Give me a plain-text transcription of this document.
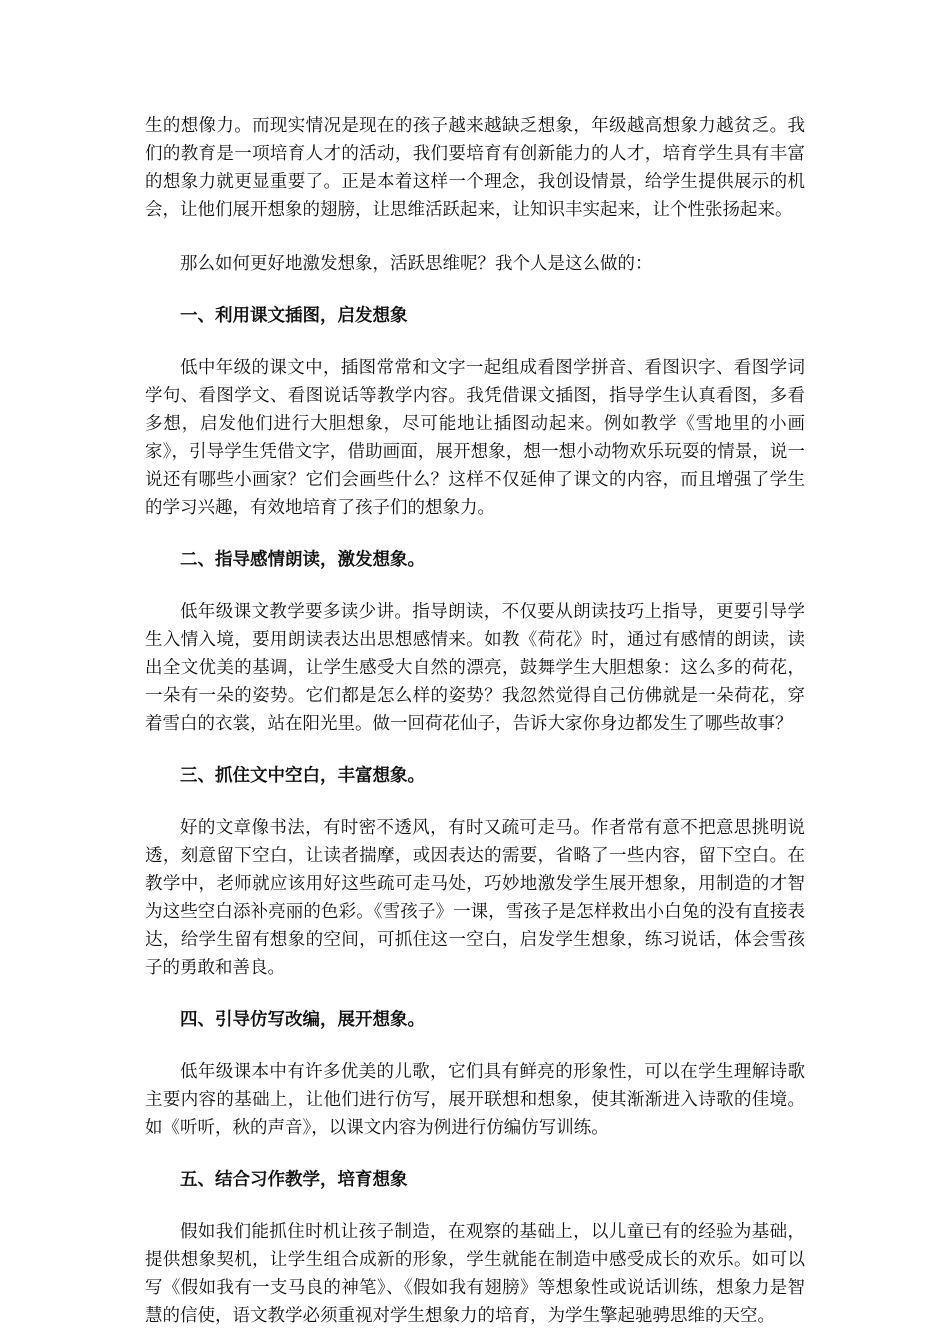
生的想像力。而现实情况是现在的孩子越来越缺乏想象，年级越高想象力越贫乏。我们的教育是一项培育人才的活动，我们要培育有创新能力的人才，培育学生具有丰富的想象力就更显重要了。正是本着这样一个理念，我创设情景，给学生提供展示的机会，让他们展开想象的翅膀，让思维活跃起来，让知识丰实起来，让个性张扬起来。

那么如何更好地激发想象，活跃思维呢？我个人是这么做的：

一、利用课文插图，启发想象

低中年级的课文中，插图常常和文字一起组成看图学拼音、看图识字、看图学词学句、看图学文、看图说话等教学内容。我凭借课文插图，指导学生认真看图，多看多想，启发他们进行大胆想象，尽可能地让插图动起来。例如教学《雪地里的小画家》，引导学生凭借文字，借助画面，展开想象，想一想小动物欢乐玩耍的情景，说一说还有哪些小画家？它们会画些什么？这样不仅延伸了课文的内容，而且增强了学生的学习兴趣，有效地培育了孩子们的想象力。

二、指导感情朗读，激发想象。

低年级课文教学要多读少讲。指导朗读，不仅要从朗读技巧上指导，更要引导学生入情入境，要用朗读表达出思想感情来。如教《荷花》时，通过有感情的朗读，读出全文优美的基调，让学生感受大自然的漂亮，鼓舞学生大胆想象：这么多的荷花，一朵有一朵的姿势。它们都是怎么样的姿势？我忽然觉得自己仿佛就是一朵荷花，穿着雪白的衣裳，站在阳光里。做一回荷花仙子，告诉大家你身边都发生了哪些故事？

三、抓住文中空白，丰富想象。

好的文章像书法，有时密不透风，有时又疏可走马。作者常有意不把意思挑明说透，刻意留下空白，让读者揣摩，或因表达的需要，省略了一些内容，留下空白。在教学中，老师就应该用好这些疏可走马处，巧妙地激发学生展开想象，用制造的才智为这些空白添补亮丽的色彩。《雪孩子》一课，雪孩子是怎样救出小白兔的没有直接表达，给学生留有想象的空间，可抓住这一空白，启发学生想象，练习说话，体会雪孩子的勇敢和善良。

四、引导仿写改编，展开想象。

低年级课本中有许多优美的儿歌，它们具有鲜亮的形象性，可以在学生理解诗歌主要内容的基础上，让他们进行仿写，展开联想和想象，使其渐渐进入诗歌的佳境。如《听听，秋的声音》，以课文内容为例进行仿编仿写训练。

五、结合习作教学，培育想象

假如我们能抓住时机让孩子制造，在观察的基础上，以儿童已有的经验为基础，提供想象契机，让学生组合成新的形象，学生就能在制造中感受成长的欢乐。如可以写《假如我有一支马良的神笔》、《假如我有翅膀》等想象性或说话训练，想象力是智慧的信使，语文教学必须重视对学生想象力的培育，为学生擎起驰骋思维的天空。
